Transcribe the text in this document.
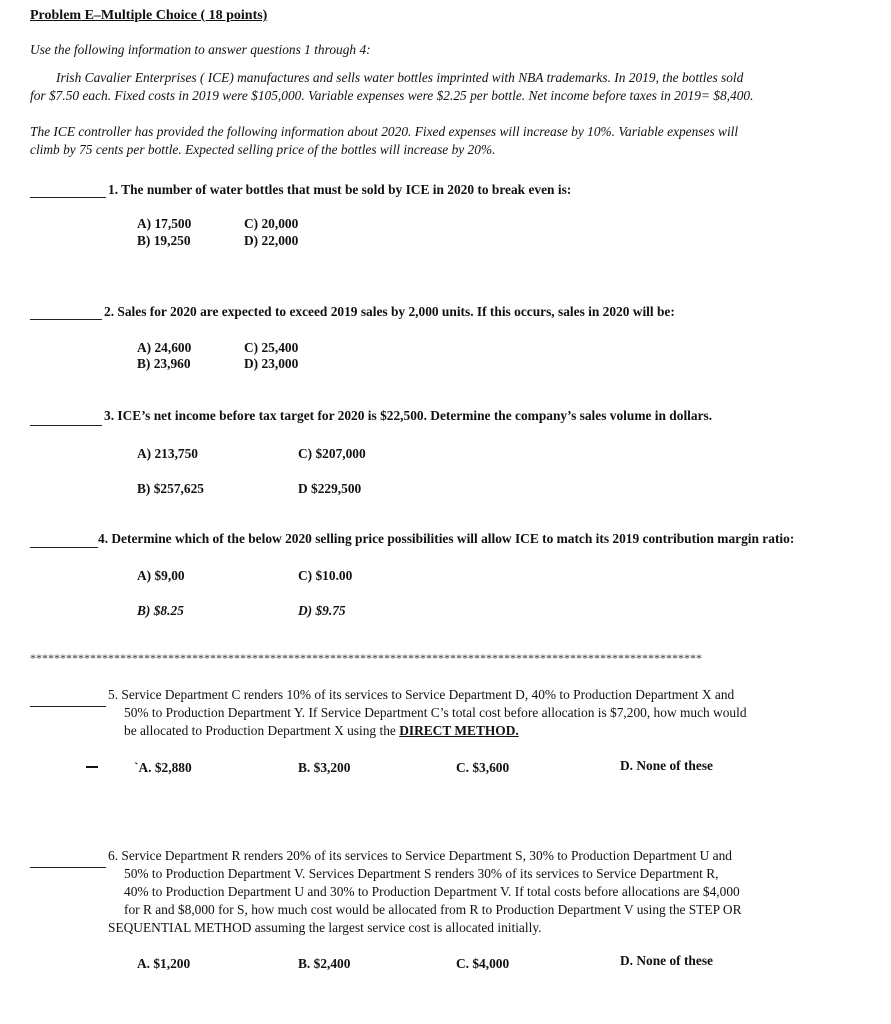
Problem E–Multiple Choice ( 18 points)
Use the following information to answer questions 1 through 4:
Irish Cavalier Enterprises ( ICE) manufactures and sells water bottles imprinted with NBA trademarks. In 2019, the bottles sold
for $7.50 each. Fixed costs in 2019 were $105,000. Variable expenses were $2.25 per bottle. Net income before taxes in 2019= $8,400.
The ICE controller has provided the following information about 2020. Fixed expenses will increase by 10%. Variable expenses will
climb by 75 cents per bottle. Expected selling price of the bottles will increase by 20%.
1. The number of water bottles that must be sold by ICE in 2020 to break even is:
A) 17,500
B) 19,250
C) 20,000
D) 22,000
2. Sales for 2020 are expected to exceed 2019 sales by 2,000 units. If this occurs, sales in 2020 will be:
A) 24,600
B) 23,960
C) 25,400
D) 23,000
3. ICE’s net income before tax target for 2020 is $22,500. Determine the company’s sales volume in dollars.
A) 213,750
B) $257,625
C) $207,000
D $229,500
4. Determine which of the below 2020 selling price possibilities will allow ICE to match its 2019 contribution margin ratio:
A) $9,00
B) $8.25
C) $10.00
D) $9.75
****************************************************************************************************************
5. Service Department C renders 10% of its services to Service Department D, 40% to Production Department X and
50% to Production Department Y. If Service Department C’s total cost before allocation is $7,200, how much would
be allocated to Production Department X using the DIRECT METHOD.
`A. $2,880	B. $3,200	C. $3,600	D. None of these
6. Service Department R renders 20% of its services to Service Department S, 30% to Production Department U and
50% to Production Department V. Services Department S renders 30% of its services to Service Department R,
40% to Production Department U and 30% to Production Department V. If total costs before allocations are $4,000
for R and $8,000 for S, how much cost would be allocated from R to Production Department V using the STEP OR
SEQUENTIAL METHOD assuming the largest service cost is allocated initially.
A. $1,200	B. $2,400	C. $4,000	D. None of these
